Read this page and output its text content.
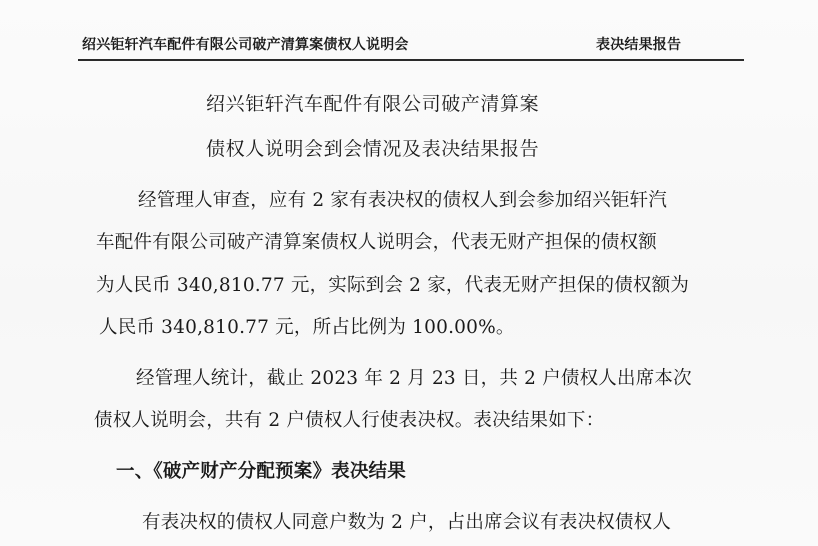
绍兴钜轩汽车配件有限公司破产清算案债权人说明会	表决结果报告
绍兴钜轩汽车配件有限公司破产清算案
债权人说明会到会情况及表决结果报告
经管理人审查，应有 2 家有表决权的债权人到会参加绍兴钜轩汽
车配件有限公司破产清算案债权人说明会，代表无财产担保的债权额
为人民币 340,810.77 元，实际到会 2 家，代表无财产担保的债权额为
人民币 340,810.77 元，所占比例为 100.00%。
经管理人统计，截止 2023 年 2 月 23 日，共 2 户债权人出席本次
债权人说明会，共有 2 户债权人行使表决权。表决结果如下：
一、《破产财产分配预案》表决结果
有表决权的债权人同意户数为 2 户，占出席会议有表决权债权人
